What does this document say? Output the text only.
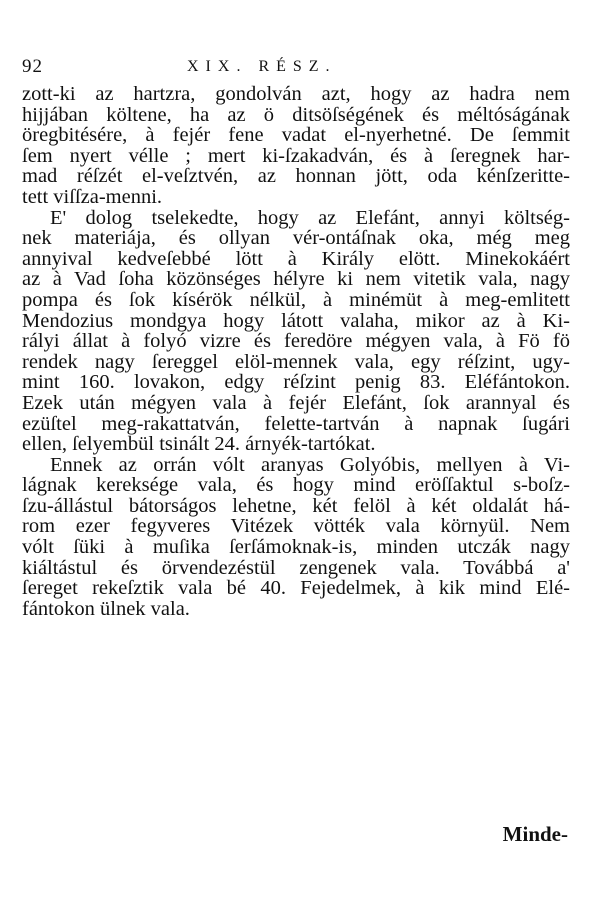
92	XIX. RÉSZ.

zott-ki az hartzra, gondolván azt, hogy az hadra nem
hijjában költene, ha az ö ditsöſségének és méltóságának
öregbitésére, à fejér fene vadat el-nyerhetné. De ſemmit
ſem nyert vélle ; mert ki-ſzakadván, és à ſeregnek har-
mad réſzét el-veſztvén, az honnan jött, oda kénſzeritte-
tett viſſza-menni.

E' dolog tselekedte, hogy az Elefánt, annyi költség-
nek materiája, és ollyan vér-ontáſnak oka, még meg
annyival kedveſebbé lött à Király elött. Minekokáért
az à Vad ſoha közönséges hélyre ki nem vitetik vala, nagy
pompa és ſok kísérök nélkül, à minémüt à meg-emlitett
Mendozius mondgya hogy látott valaha, mikor az à Ki-
rályi állat à folyó vizre és feredöre mégyen vala, à Fö fö
rendek nagy ſereggel elöl-mennek vala, egy réſzint, ugy-
mint 160. lovakon, edgy réſzint penig 83. Eléfántokon.
Ezek után mégyen vala à fejér Elefánt, ſok arannyal és
ezüſtel meg-rakattatván, felette-tartván à napnak ſugári
ellen, ſelyembül tsinált 24. árnyék-tartókat.

Ennek az orrán vólt aranyas Golyóbis, mellyen à Vi-
lágnak kereksége vala, és hogy mind eröſſaktul s-boſz-
ſzu-állástul bátorságos lehetne, két felöl à két oldalát há-
rom ezer fegyveres Vitézek vötték vala környül. Nem
vólt ſüki à muſika ſerſámoknak-is, minden utczák nagy
kiáltástul és örvendezéstül zengenek vala. Továbbá a'
ſereget rekeſztik vala bé 40. Fejedelmek, à kik mind Elé-
fántokon ülnek vala.

Minde-
